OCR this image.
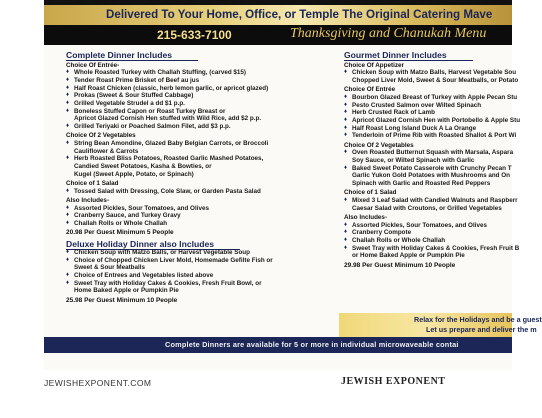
Delivered To Your Home, Office, or Temple The Original Catering Mave
215-633-7100	Thanksgiving and Chanukah Menu
Complete Dinner Includes
Choice Of Entrée-
♦ Whole Roasted Turkey with Challah Stuffing, (carved $15)
♦ Tender Roast Prime Brisket of Beef au jus
♦ Half Roast Chicken (classic, herb lemon garlic, or apricot glazed)
♦ Prokas (Sweet & Sour Stuffed Cabbage)
♦ Grilled Vegetable Strudel a dd $1 p.p.
♦ Boneless Stuffed Capon or Roast Turkey Breast or
Apricot Glazed Cornish Hen stuffed with Wild Rice, add $2 p.p.
♦ Grilled Teriyaki or Poached Salmon Filet, add $3 p.p.
Choice Of 2 Vegetables
♦ String Bean Amondine, Glazed Baby Belgian Carrots, or Broccoli
Cauliflower & Carrots
♦ Herb Roasted Bliss Potatoes, Roasted Garlic Mashed Potatoes,
Candied Sweet Potatoes, Kasha & Bowties, or
Kugel (Sweet Apple, Potato, or Spinach)
Choice of 1 Salad
♦ Tossed Salad with Dressing, Cole Slaw, or Garden Pasta Salad
Also Includes-
♦ Assorted Pickles, Sour Tomatoes, and Olives
♦ Cranberry Sauce, and Turkey Gravy
♦ Challah Rolls or Whole Challah
20.98 Per Guest Minimum 5 People
Deluxe Holiday Dinner also Includes
♦ Chicken Soup with Matzo Balls, or Harvest Vegetable Soup
♦ Choice of Chopped Chicken Liver Mold, Homemade Gefilte Fish or
Sweet & Sour Meatballs
♦ Choice of Entrees and Vegetables listed above
♦ Sweet Tray with Holiday Cakes & Cookies, Fresh Fruit Bowl, or
Home Baked Apple or Pumpkin Pie
25.98 Per Guest Minimum 10 People
Gourmet Dinner Includes
Choice Of Appetizer
♦ Chicken Soup with Matzo Balls, Harvest Vegetable Sou
Chopped Liver Mold, Sweet & Sour Meatballs, or Potato
Choice Of Entrée
♦ Bourbon Glazed Breast of Turkey with Apple Pecan Stu
♦ Pesto Crusted Salmon over Wilted Spinach
♦ Herb Crusted Rack of Lamb
♦ Apricot Glazed Cornish Hen with Portobello & Apple Stu
♦ Half Roast Long Island Duck A La Orange
♦ Tenderloin of Prime Rib with Roasted Shallot & Port Wi
Choice Of 2 Vegetables
♦ Oven Roasted Butternut Squash with Marsala, Aspara
Soy Sauce, or Wilted Spinach with Garlic
♦ Baked Sweet Potato Casserole with Crunchy Pecan T
Garlic Yukon Gold Potatoes with Mushrooms and On
Spinach with Garlic and Roasted Red Peppers
Choice of 1 Salad
♦ Mixed 3 Leaf Salad with Candied Walnuts and Raspberr
Caesar Salad with Croutons, or Grilled Vegetables
Also Includes-
♦ Assorted Pickles, Sour Tomatoes, and Olives
♦ Cranberry Compote
♦ Challah Rolls or Whole Challah
♦ Sweet Tray with Holiday Cakes & Cookies, Fresh Fruit B
or Home Baked Apple or Pumpkin Pie
29.98 Per Guest Minimum 10 People
Relax for the Holidays and be a guest
Let us prepare and deliver the m
Complete Dinners are available for 5 or more in individual microwaveable contai
JEWISHEXPONENT.COM	JEWISH EXPONENT
